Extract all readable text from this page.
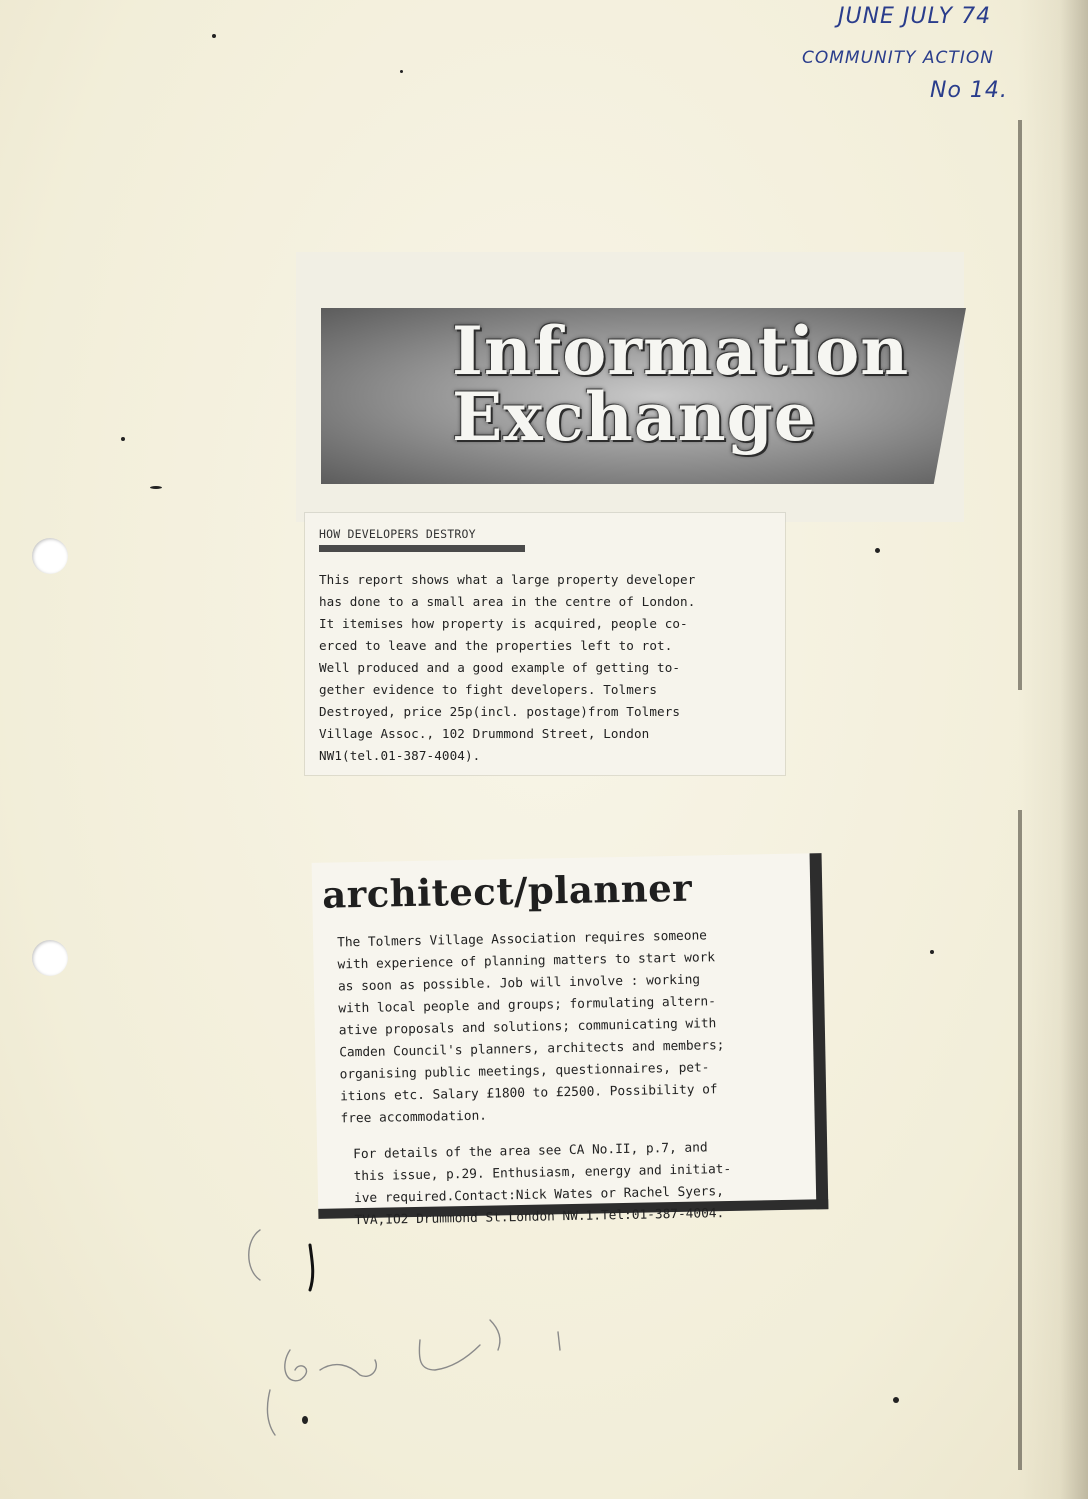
JUNE JULY 74
COMMUNITY ACTION
No 14.
Information
Exchange
HOW DEVELOPERS DESTROY
This report shows what a large property developer
has done to a small area in the centre of London.
It itemises how property is acquired, people co-
erced to leave and the properties left to rot.
Well produced and a good example of getting to-
gether evidence to fight developers. Tolmers
Destroyed, price 25p(incl. postage)from Tolmers
Village Assoc., 102 Drummond Street, London
NW1(tel.01-387-4004).
architect/planner
The Tolmers Village Association requires someone
with experience of planning matters to start work
as soon as possible. Job will involve : working
with local people and groups; formulating altern-
ative proposals and solutions; communicating with
Camden Council's planners, architects and members;
organising public meetings, questionnaires, pet-
itions etc. Salary £1800 to £2500. Possibility of
free accommodation.
For details of the area see CA No.II, p.7, and
this issue, p.29. Enthusiasm, energy and initiat-
ive required.Contact:Nick Wates or Rachel Syers,
TVA,IO2 Drummond St.London NW.1.Tel:01-387-4004.
